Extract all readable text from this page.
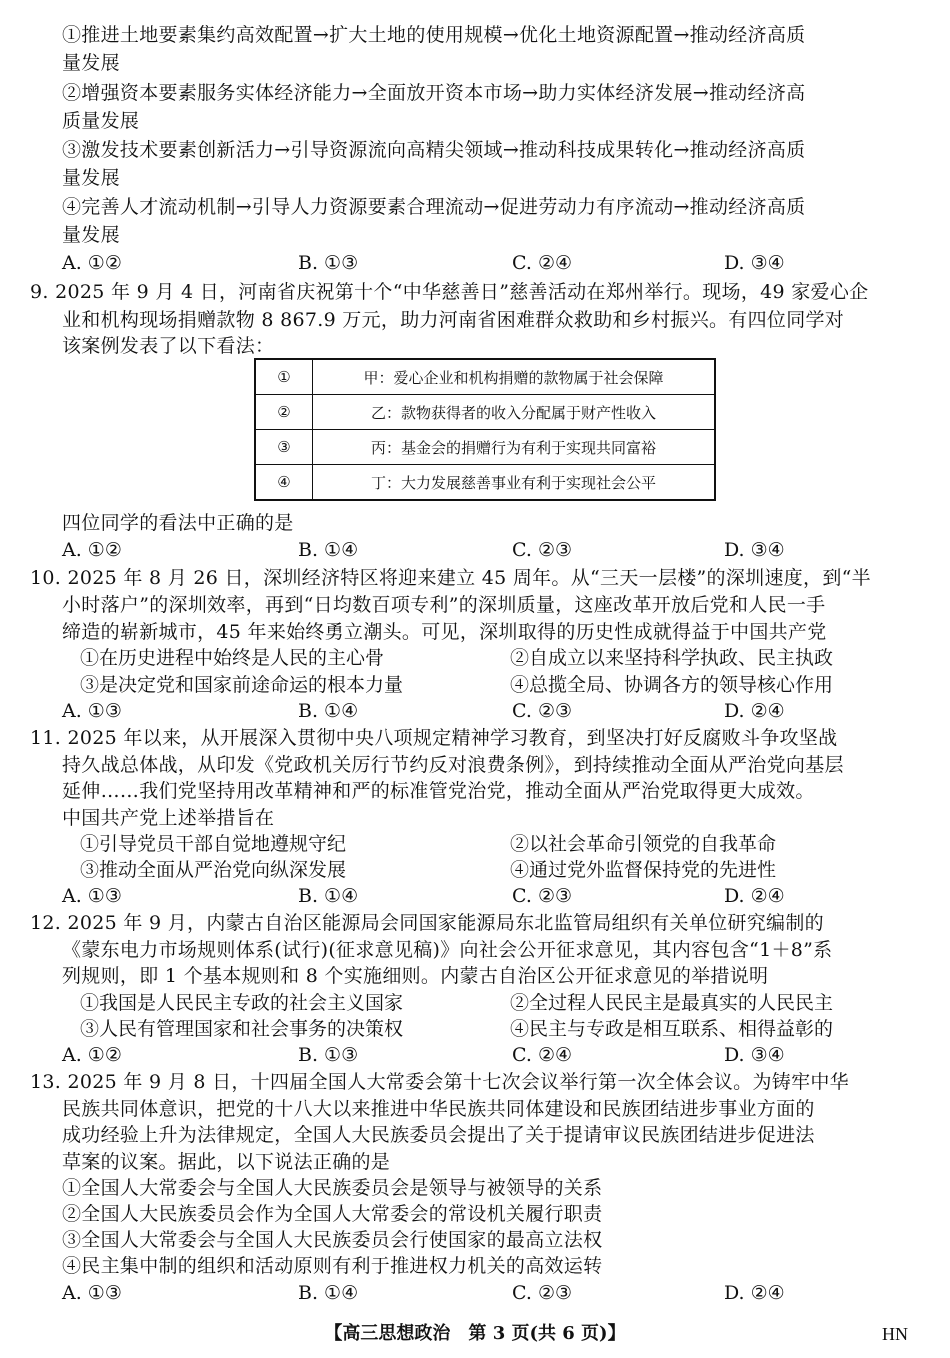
①推进土地要素集约高效配置→扩大土地的使用规模→优化土地资源配置→推动经济高质
量发展
②增强资本要素服务实体经济能力→全面放开资本市场→助力实体经济发展→推动经济高
质量发展
③激发技术要素创新活力→引导资源流向高精尖领域→推动科技成果转化→推动经济高质
量发展
④完善人才流动机制→引导人力资源要素合理流动→促进劳动力有序流动→推动经济高质
量发展
A. ①②	B. ①③	C. ②④	D. ③④
9. 2025 年 9 月 4 日，河南省庆祝第十个“中华慈善日”慈善活动在郑州举行。现场，49 家爱心企
业和机构现场捐赠款物 8 867.9 万元，助力河南省困难群众救助和乡村振兴。有四位同学对
该案例发表了以下看法：
①	甲：爱心企业和机构捐赠的款物属于社会保障
②	乙：款物获得者的收入分配属于财产性收入
③	丙：基金会的捐赠行为有利于实现共同富裕
④	丁：大力发展慈善事业有利于实现社会公平
四位同学的看法中正确的是
A. ①②	B. ①④	C. ②③	D. ③④
10. 2025 年 8 月 26 日，深圳经济特区将迎来建立 45 周年。从“三天一层楼”的深圳速度，到“半
小时落户”的深圳效率，再到“日均数百项专利”的深圳质量，这座改革开放后党和人民一手
缔造的崭新城市，45 年来始终勇立潮头。可见，深圳取得的历史性成就得益于中国共产党
①在历史进程中始终是人民的主心骨	②自成立以来坚持科学执政、民主执政
③是决定党和国家前途命运的根本力量	④总揽全局、协调各方的领导核心作用
A. ①③	B. ①④	C. ②③	D. ②④
11. 2025 年以来，从开展深入贯彻中央八项规定精神学习教育，到坚决打好反腐败斗争攻坚战
持久战总体战，从印发《党政机关厉行节约反对浪费条例》，到持续推动全面从严治党向基层
延伸……我们党坚持用改革精神和严的标准管党治党，推动全面从严治党取得更大成效。
中国共产党上述举措旨在
①引导党员干部自觉地遵规守纪	②以社会革命引领党的自我革命
③推动全面从严治党向纵深发展	④通过党外监督保持党的先进性
A. ①③	B. ①④	C. ②③	D. ②④
12. 2025 年 9 月，内蒙古自治区能源局会同国家能源局东北监管局组织有关单位研究编制的
《蒙东电力市场规则体系(试行)(征求意见稿)》向社会公开征求意见，其内容包含“1＋8”系
列规则，即 1 个基本规则和 8 个实施细则。内蒙古自治区公开征求意见的举措说明
①我国是人民民主专政的社会主义国家	②全过程人民民主是最真实的人民民主
③人民有管理国家和社会事务的决策权	④民主与专政是相互联系、相得益彰的
A. ①②	B. ①③	C. ②④	D. ③④
13. 2025 年 9 月 8 日，十四届全国人大常委会第十七次会议举行第一次全体会议。为铸牢中华
民族共同体意识，把党的十八大以来推进中华民族共同体建设和民族团结进步事业方面的
成功经验上升为法律规定，全国人大民族委员会提出了关于提请审议民族团结进步促进法
草案的议案。据此，以下说法正确的是
①全国人大常委会与全国人大民族委员会是领导与被领导的关系
②全国人大民族委员会作为全国人大常委会的常设机关履行职责
③全国人大常委会与全国人大民族委员会行使国家的最高立法权
④民主集中制的组织和活动原则有利于推进权力机关的高效运转
A. ①③	B. ①④	C. ②③	D. ②④
【高三思想政治　第 3 页(共 6 页)】	HN
